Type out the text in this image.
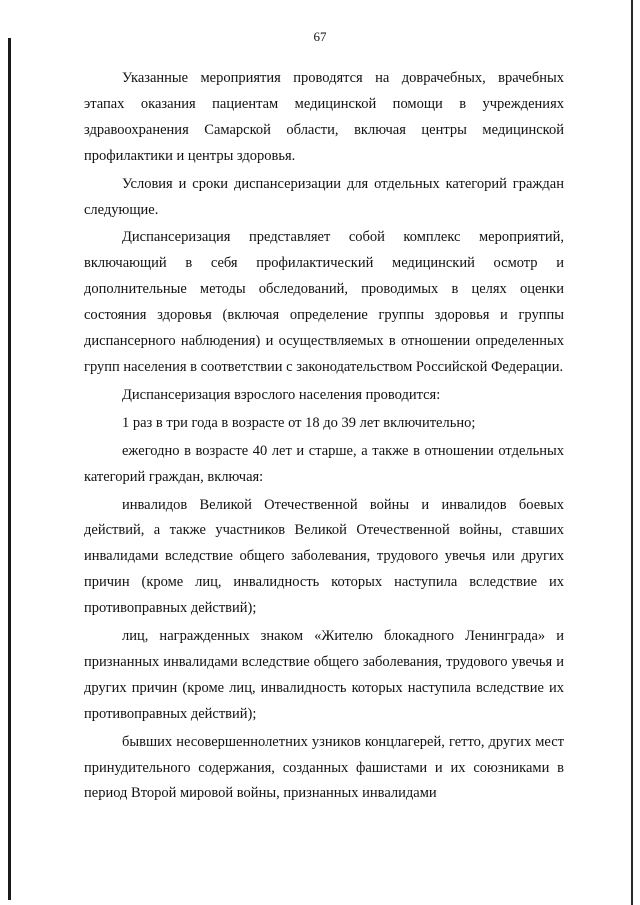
67

Указанные мероприятия проводятся на доврачебных, врачебных этапах оказания пациентам медицинской помощи в учреждениях здравоохранения Самарской области, включая центры медицинской профилактики и центры здоровья.

Условия и сроки диспансеризации для отдельных категорий граждан следующие.

Диспансеризация представляет собой комплекс мероприятий, включающий в себя профилактический медицинский осмотр и дополнительные методы обследований, проводимых в целях оценки состояния здоровья (включая определение группы здоровья и группы диспансерного наблюдения) и осуществляемых в отношении определенных групп населения в соответствии с законодательством Российской Федерации.

Диспансеризация взрослого населения проводится:

1 раз в три года в возрасте от 18 до 39 лет включительно;

ежегодно в возрасте 40 лет и старше, а также в отношении отдельных категорий граждан, включая:

инвалидов Великой Отечественной войны и инвалидов боевых действий, а также участников Великой Отечественной войны, ставших инвалидами вследствие общего заболевания, трудового увечья или других причин (кроме лиц, инвалидность которых наступила вследствие их противоправных действий);

лиц, награжденных знаком «Жителю блокадного Ленинграда» и признанных инвалидами вследствие общего заболевания, трудового увечья и других причин (кроме лиц, инвалидность которых наступила вследствие их противоправных действий);

бывших несовершеннолетних узников концлагерей, гетто, других мест принудительного содержания, созданных фашистами и их союзниками в период Второй мировой войны, признанных инвалидами
